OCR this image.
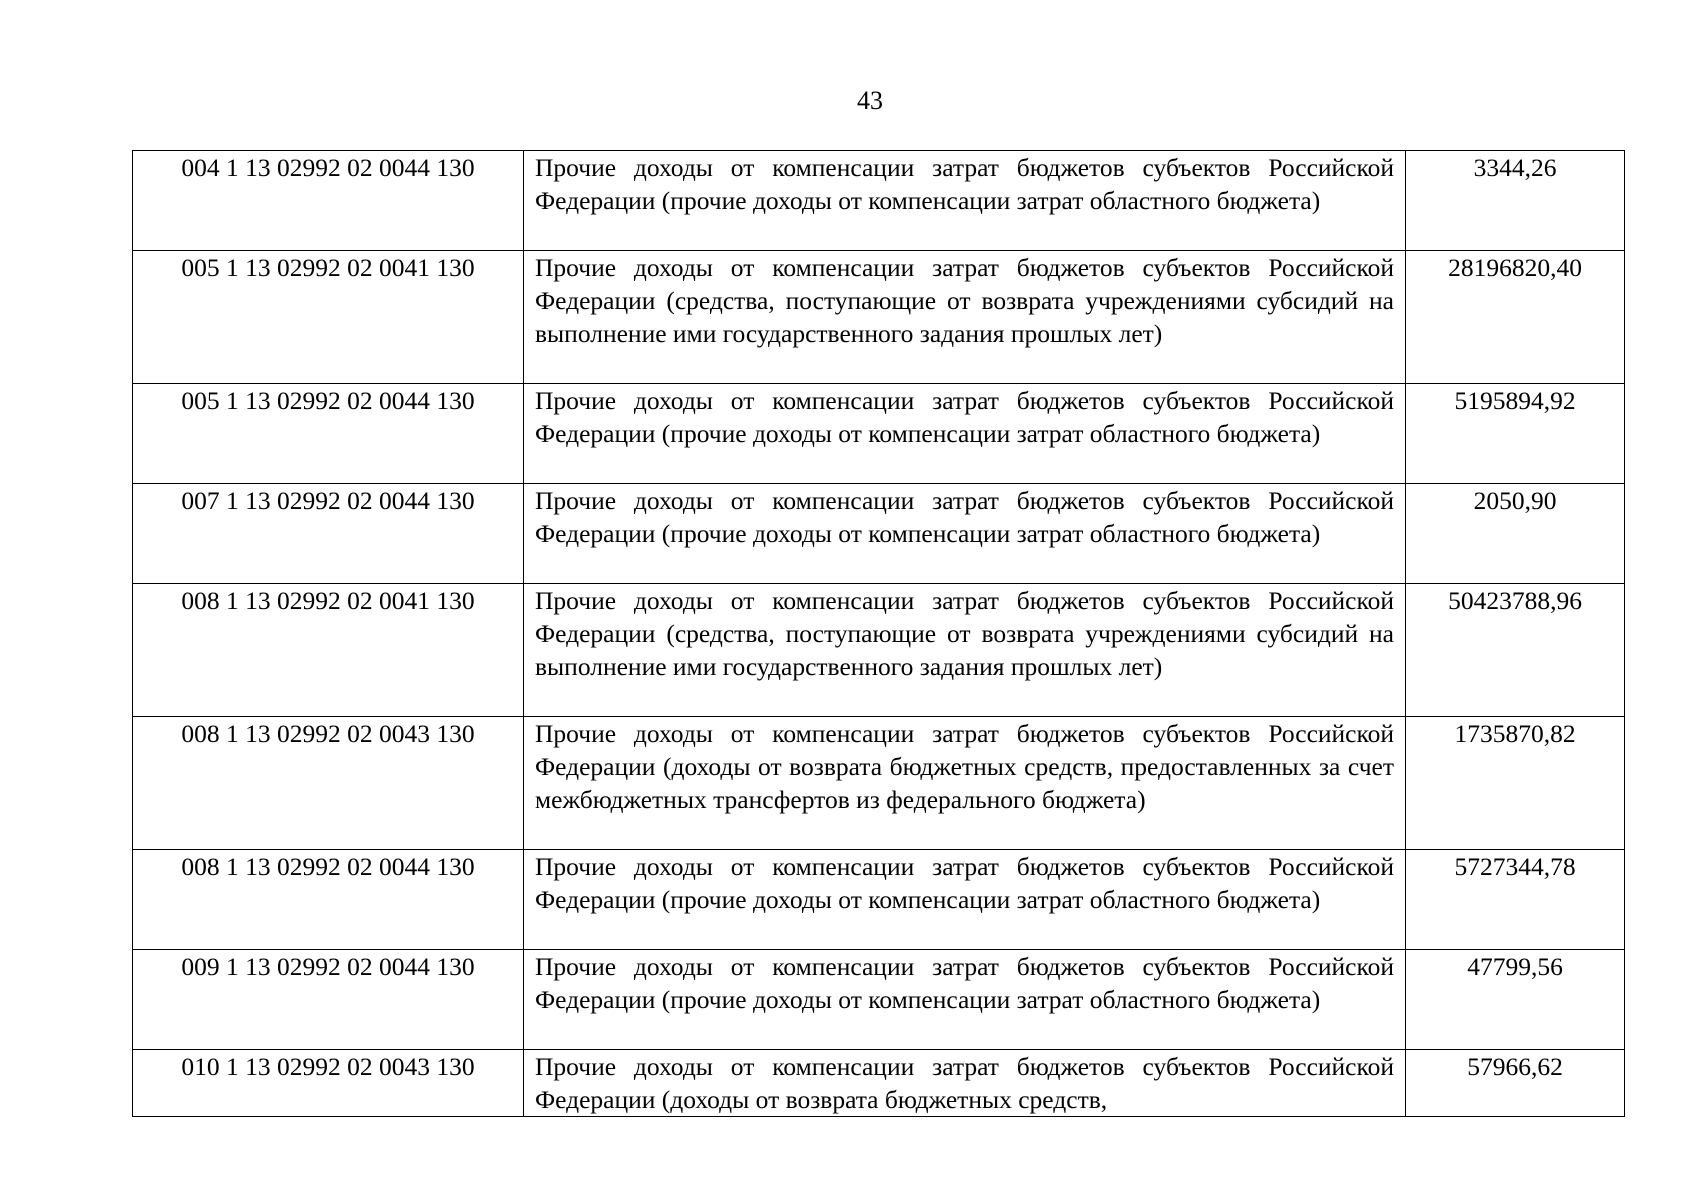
43
004 1 13 02992 02 0044 130	Прочие доходы от компенсации затрат бюджетов субъектов Российской Федерации (прочие доходы от компенсации затрат областного бюджета)	3344,26
005 1 13 02992 02 0041 130	Прочие доходы от компенсации затрат бюджетов субъектов Российской Федерации (средства, поступающие от возврата учреждениями субсидий на выполнение ими государственного задания прошлых лет)	28196820,40
005 1 13 02992 02 0044 130	Прочие доходы от компенсации затрат бюджетов субъектов Российской Федерации (прочие доходы от компенсации затрат областного бюджета)	5195894,92
007 1 13 02992 02 0044 130	Прочие доходы от компенсации затрат бюджетов субъектов Российской Федерации (прочие доходы от компенсации затрат областного бюджета)	2050,90
008 1 13 02992 02 0041 130	Прочие доходы от компенсации затрат бюджетов субъектов Российской Федерации (средства, поступающие от возврата учреждениями субсидий на выполнение ими государственного задания прошлых лет)	50423788,96
008 1 13 02992 02 0043 130	Прочие доходы от компенсации затрат бюджетов субъектов Российской Федерации (доходы от возврата бюджетных средств, предоставленных за счет межбюджетных трансфертов из федерального бюджета)	1735870,82
008 1 13 02992 02 0044 130	Прочие доходы от компенсации затрат бюджетов субъектов Российской Федерации (прочие доходы от компенсации затрат областного бюджета)	5727344,78
009 1 13 02992 02 0044 130	Прочие доходы от компенсации затрат бюджетов субъектов Российской Федерации (прочие доходы от компенсации затрат областного бюджета)	47799,56
010 1 13 02992 02 0043 130	Прочие доходы от компенсации затрат бюджетов субъектов Российской Федерации (доходы от возврата бюджетных средств,	57966,62
